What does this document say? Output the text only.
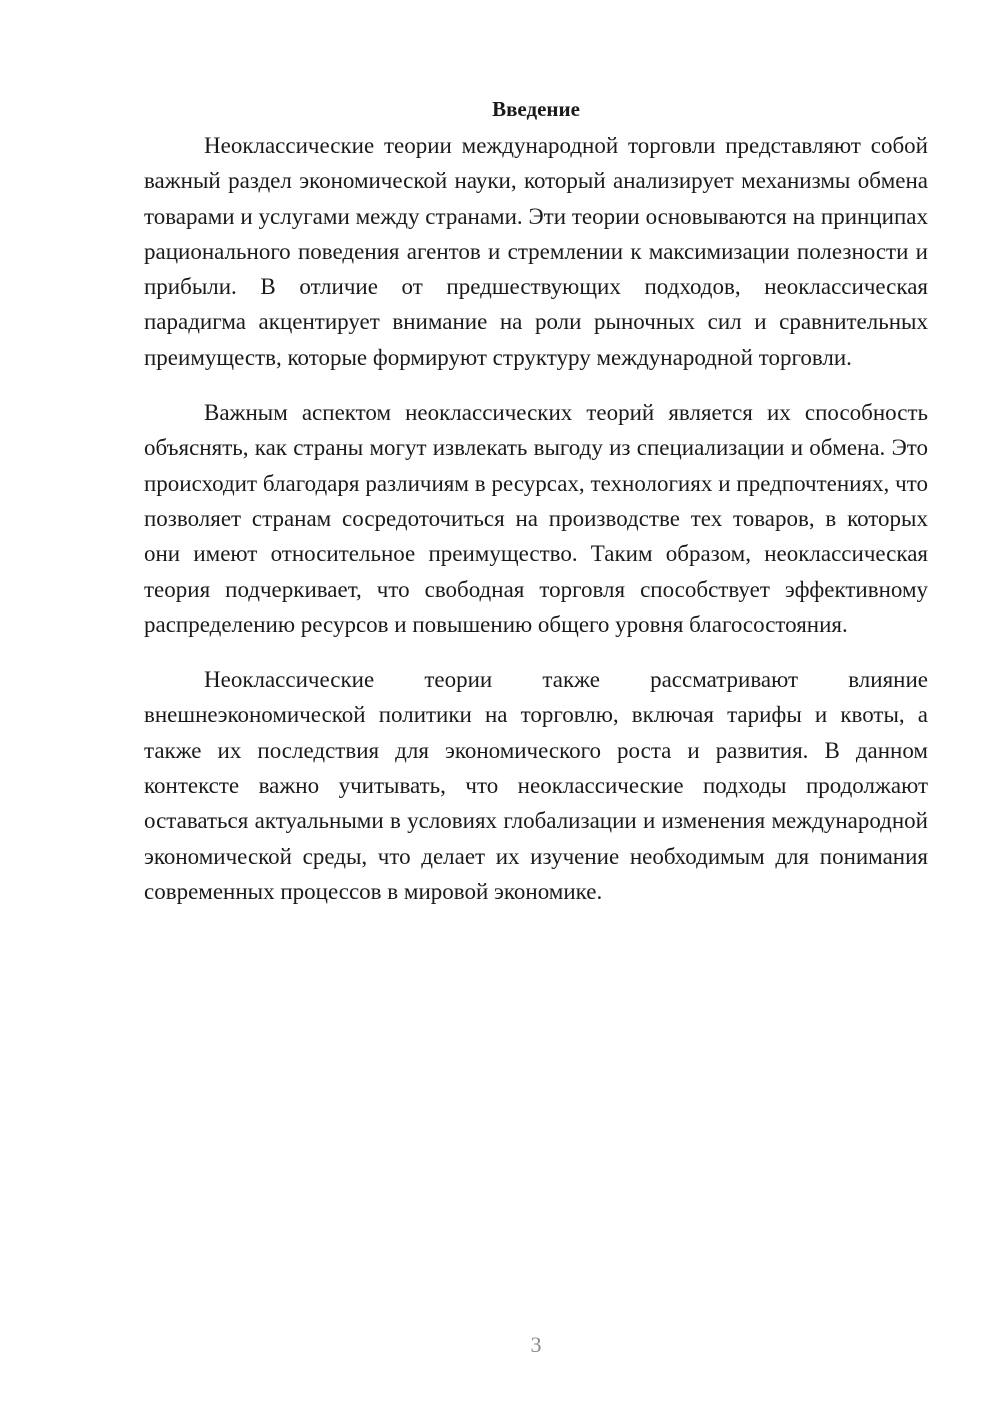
Введение

Неоклассические теории международной торговли представляют собой важный раздел экономической науки, который анализирует механизмы обмена товарами и услугами между странами. Эти теории основываются на принципах рационального поведения агентов и стремлении к максимизации полезности и прибыли. В отличие от предшествующих подходов, неоклассическая парадигма акцентирует внимание на роли рыночных сил и сравнительных преимуществ, которые формируют структуру международной торговли.

Важным аспектом неоклассических теорий является их способность объяснять, как страны могут извлекать выгоду из специализации и обмена. Это происходит благодаря различиям в ресурсах, технологиях и предпочтениях, что позволяет странам сосредоточиться на производстве тех товаров, в которых они имеют относительное преимущество. Таким образом, неоклассическая теория подчеркивает, что свободная торговля способствует эффективному распределению ресурсов и повышению общего уровня благосостояния.

Неоклассические теории также рассматривают влияние внешнеэкономической политики на торговлю, включая тарифы и квоты, а также их последствия для экономического роста и развития. В данном контексте важно учитывать, что неоклассические подходы продолжают оставаться актуальными в условиях глобализации и изменения международной экономической среды, что делает их изучение необходимым для понимания современных процессов в мировой экономике.

3
